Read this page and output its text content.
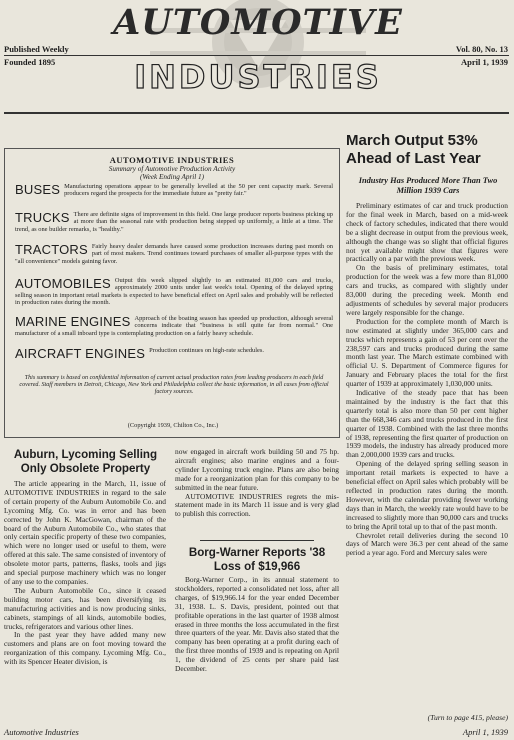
AUTOMOTIVE
INDUSTRIES
Published Weekly
Founded 1895
Vol. 80, No. 13
April 1, 1939
AUTOMOTIVE INDUSTRIES
Summary of Automotive Production Activity
(Week Ending April 1)
BUSES Manufacturing operations appear to be generally levelled at the 50 per cent capacity mark. Several producers regard the prospects for the immediate future as "pretty fair."
TRUCKS There are definite signs of improvement in this field. One large producer reports business picking up at more than the seasonal rate with production being stepped up uniformly, a little at a time. The trend, as one builder remarks, is "healthy."
TRACTORS Fairly heavy dealer demands have caused some production increases during past month on part of most makers. Trend continues toward purchases of smaller all-purpose types with the "all convenience" models gaining favor.
AUTOMOBILES Output this week slipped slightly to an estimated 81,000 cars and trucks, approximately 2000 units under last week's total. Opening of the delayed spring selling season in important retail markets is expected to have beneficial effect on April sales and probably will be reflected in production rates during the month.
MARINE ENGINES Approach of the boating season has speeded up production, although several concerns indicate that "business is still quite far from normal." One manufacturer of a small inboard type is contemplating production on a fairly heavy schedule.
AIRCRAFT ENGINES Production continues on high-rate schedules.
This summary is based on confidential information of current actual production rates from leading producers in each field covered. Staff members in Detroit, Chicago, New York and Philadelphia collect the basic information, in all cases from official factory sources.
(Copyright 1939, Chilton Co., Inc.)
Auburn, Lycoming Selling Only Obsolete Property

The article appearing in the March, 11, issue of AUTOMOTIVE INDUSTRIES in regard to the sale of certain property of the Auburn Automobile Co. and Lycoming Mfg. Co. was in error and has been corrected by John K. MacGowan, chairman of the board of the Auburn Automobile Co., who states that only certain specific property of these two companies, which were no longer used or useful to them, were offered at this sale. The same consisted of inventory of obsolete motor parts, patterns, flasks, tools and jigs and special purpose machinery which was no longer of any use to the companies.

The Auburn Automobile Co., since it ceased building motor cars, has been diversifying its manufacturing activities and is now producing sinks, cabinets, stampings of all kinds, automobile bodies, trucks, refrigerators and various other lines.

In the past year they have added many new customers and plans are on foot moving toward the reorganization of this company. Lycoming Mfg. Co., with its Spencer Heater division, is

now engaged in aircraft work building 50 and 75 hp. aircraft engines; also marine engines and a four-cylinder Lycoming truck engine. Plans are also being made for a reorganization plan for this company to be submitted in the near future.

AUTOMOTIVE INDUSTRIES regrets the mis-statement made in its March 11 issue and is very glad to publish this correction.

Borg-Warner Reports '38 Loss of $19,966

Borg-Warner Corp., in its annual statement to stockholders, reported a consolidated net loss, after all charges, of $19,966.14 for the year ended December 31, 1938. L. S. Davis, president, pointed out that profitable operations in the last quarter of 1938 almost erased in three months the loss accumulated in the first three quarters of the year. Mr. Davis also stated that the company has been operating at a profit during each of the first three months of 1939 and is repeating on April 1, the dividend of 25 cents per share paid last December.

March Output 53% Ahead of Last Year
Industry Has Produced More Than Two Million 1939 Cars

Preliminary estimates of car and truck production for the final week in March, based on a mid-week check of factory schedules, indicated that there would be a slight decrease in output from the previous week, although the change was so slight that official figures not yet available might show that figures were practically on a par with the previous week.

On the basis of preliminary estimates, total production for the week was a few more than 81,000 cars and trucks, as compared with slightly under 83,000 during the preceding week. Month end adjustments of schedules by several major producers were largely responsible for the change.

Production for the complete month of March is now estimated at slightly under 365,000 cars and trucks which represents a gain of 53 per cent over the 238,597 cars and trucks produced during the same month last year. The March estimate combined with official U. S. Department of Commerce figures for January and February places the total for the first quarter of 1939 at approximately 1,030,000 units.

Indicative of the steady pace that has been maintained by the industry is the fact that this quarterly total is also more than 50 per cent higher than the 668,346 cars and trucks produced in the first quarter of 1938. Combined with the last three months of 1938, representing the first quarter of production on 1939 models, the industry has already produced more than 2,000,000 1939 cars and trucks.

Opening of the delayed spring selling season in important retail markets is expected to have a beneficial effect on April sales which probably will be reflected in production rates during the month. However, with the calendar providing fewer working days than in March, the weekly rate would have to be increased to slightly more than 90,000 cars and trucks to bring the April total up to that of the past month.

Chevrolet retail deliveries during the second 10 days of March were 36.3 per cent ahead of the same period a year ago. Ford and Mercury sales were

(Turn to page 415, please)
Automotive Industries	April 1, 1939
